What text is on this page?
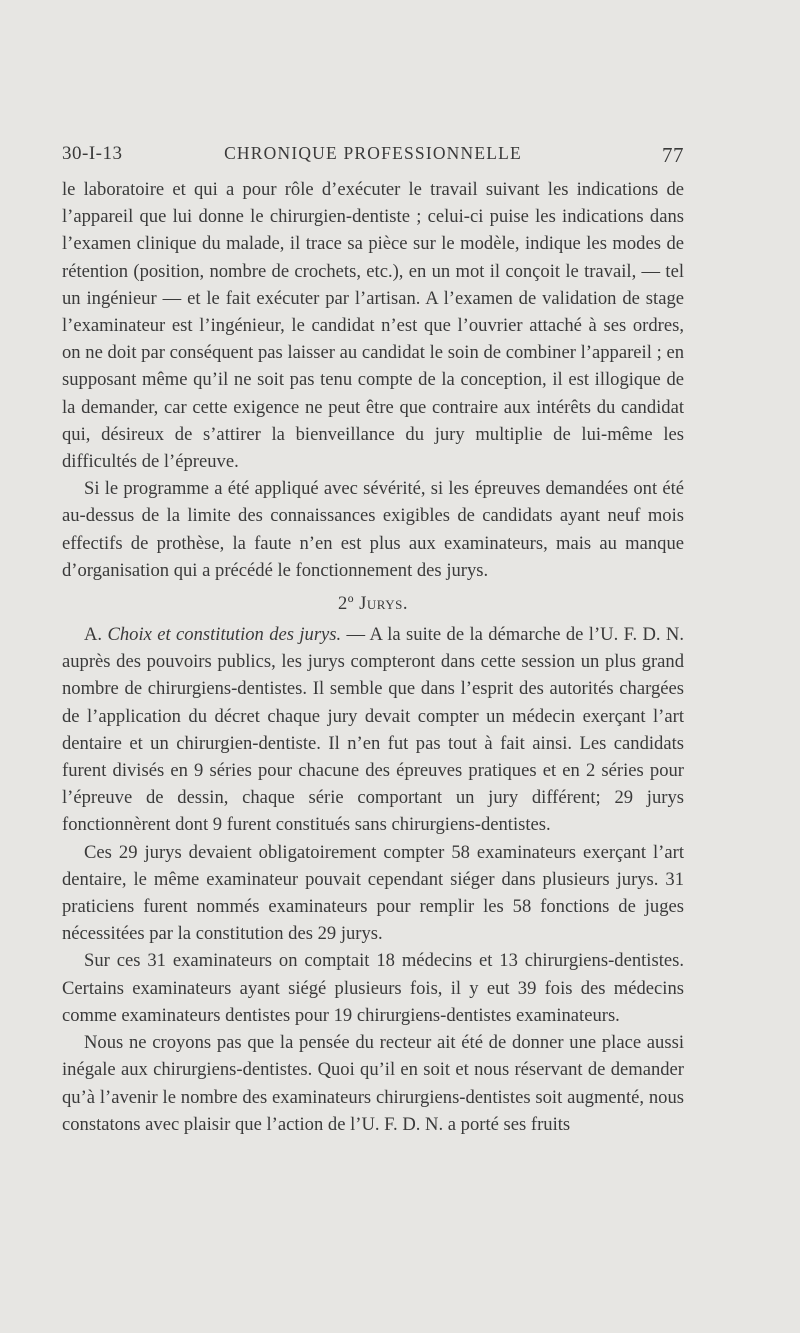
30-I-13	CHRONIQUE PROFESSIONNELLE	77

le laboratoire et qui a pour rôle d’exécuter le travail suivant les indications de l’appareil que lui donne le chirurgien-dentiste ; celui-ci puise les indications dans l’examen clinique du malade, il trace sa pièce sur le modèle, indique les modes de rétention (position, nombre de crochets, etc.), en un mot il conçoit le travail, — tel un ingénieur — et le fait exécuter par l’artisan. A l’examen de validation de stage l’examinateur est l’ingénieur, le candidat n’est que l’ouvrier attaché à ses ordres, on ne doit par conséquent pas laisser au candidat le soin de combiner l’appareil ; en supposant même qu’il ne soit pas tenu compte de la conception, il est illogique de la demander, car cette exigence ne peut être que contraire aux intérêts du candidat qui, désireux de s’attirer la bienveillance du jury multiplie de lui-même les difficultés de l’épreuve.

Si le programme a été appliqué avec sévérité, si les épreuves demandées ont été au-dessus de la limite des connaissances exigibles de candidats ayant neuf mois effectifs de prothèse, la faute n’en est plus aux examinateurs, mais au manque d’organisation qui a précédé le fonctionnement des jurys.

2º Jurys.

A. Choix et constitution des jurys. — A la suite de la démarche de l’U. F. D. N. auprès des pouvoirs publics, les jurys compteront dans cette session un plus grand nombre de chirurgiens-dentistes. Il semble que dans l’esprit des autorités chargées de l’application du décret chaque jury devait compter un médecin exerçant l’art dentaire et un chirurgien-dentiste. Il n’en fut pas tout à fait ainsi. Les candidats furent divisés en 9 séries pour chacune des épreuves pratiques et en 2 séries pour l’épreuve de dessin, chaque série comportant un jury différent; 29 jurys fonctionnèrent dont 9 furent constitués sans chirurgiens-dentistes.

Ces 29 jurys devaient obligatoirement compter 58 examinateurs exerçant l’art dentaire, le même examinateur pouvait cependant siéger dans plusieurs jurys. 31 praticiens furent nommés examinateurs pour remplir les 58 fonctions de juges nécessitées par la constitution des 29 jurys.

Sur ces 31 examinateurs on comptait 18 médecins et 13 chirurgiens-dentistes. Certains examinateurs ayant siégé plusieurs fois, il y eut 39 fois des médecins comme examinateurs dentistes pour 19 chirurgiens-dentistes examinateurs.

Nous ne croyons pas que la pensée du recteur ait été de donner une place aussi inégale aux chirurgiens-dentistes. Quoi qu’il en soit et nous réservant de demander qu’à l’avenir le nombre des examinateurs chirurgiens-dentistes soit augmenté, nous constatons avec plaisir que l’action de l’U. F. D. N. a porté ses fruits
